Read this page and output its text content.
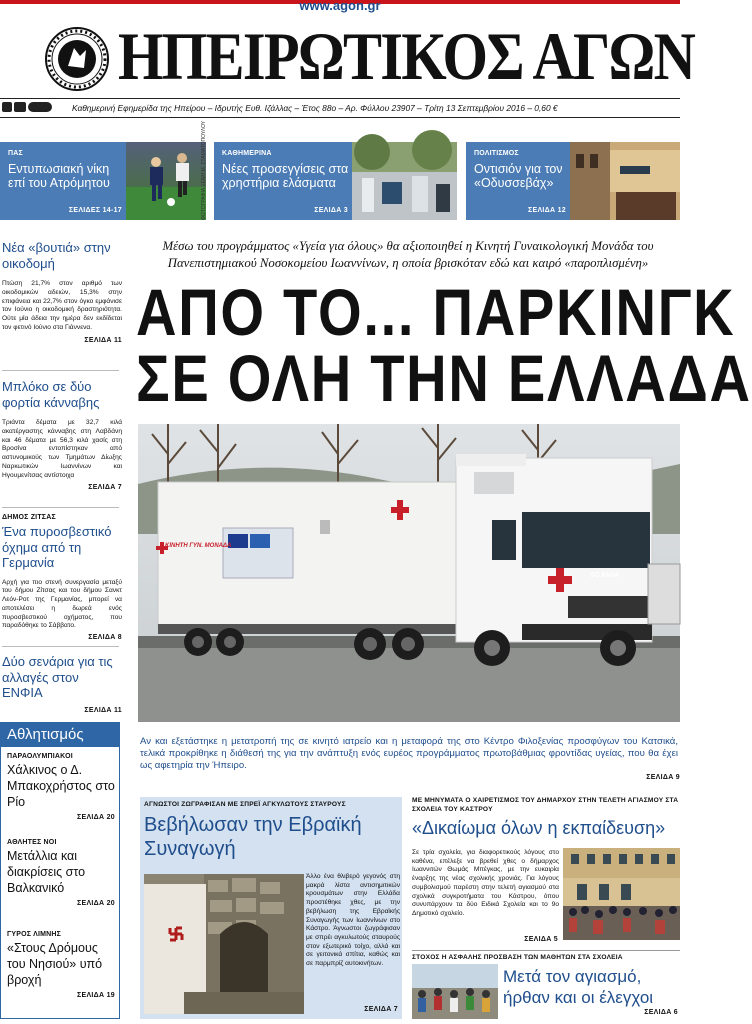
www.agon.gr
ΗΠΕΙΡΩΤΙΚΟΣ ΑΓΩΝ
Καθημερινή Εφημερίδα της Ηπείρου – Ιδρυτής Ευθ. Ιζάλλας – Έτος 88ο – Αρ. Φύλλου 23907 – Τρίτη 13 Σεπτεμβρίου 2016 – 0,60 €
ΠΑΣ
Εντυπωσιακή νίκη επί του Ατρόμητου
ΣΕΛΙΔΕΣ 14-17	ΦΩΤΟΓΡΑΦΙΑ ΞΕΝΗ Μ. ΣΤΑΜΑΤΟΠΟΥΛΟΥ ΚΑΘΗΜΕΡΙΝΑ
Νέες προσεγγίσεις στα χρηστήρια ελάσματα
ΣΕΛΙΔΑ 3
ΠΟΛΙΤΙΣΜΟΣ
Οντισιόν για τον «Οδυσσεβάχ»
ΣΕΛΙΔΑ 12
Νέα «βουτιά» στην οικοδομή
Πτώση 21,7% στον αριθμό των οικοδομικών αδειών, 15,3% στην επιφάνεια και 22,7% στον όγκο εμφάνισε τον Ιούνιο η οικοδομική δραστηριότητα. Ούτε μία άδεια την ημέρα δεν εκδίδεται τον φετινό Ιούνιο στα Γιάννενα.
ΣΕΛΙΔΑ 11
Μπλόκο σε δύο φορτία κάνναβης
Τριάντα δέματα με 32,7 κιλά ακατέργαστης κάνναβης στη Λαβδάνη και 46 δέματα με 56,3 κιλά χασίς στη Βροσίνα εντοπίστηκαν από αστυνομικούς των Τμημάτων Δίωξης Ναρκωτικών Ιωαννίνων και Ηγουμενίτσας αντίστοιχα
ΣΕΛΙΔΑ 7
ΔΗΜΟΣ ΖΙΤΣΑΣ
Ένα πυροσβεστικό όχημα από τη Γερμανία
Αρχή για πιο στενή συνεργασία μεταξύ του δήμου Ζίτσας και του δήμου Σανκτ Λεόν-Ροτ της Γερμανίας, μπορεί να αποτελέσει η δωρεά ενός πυροσβεστικού οχήματος, που παραδόθηκε το Σάββατο.
ΣΕΛΙΔΑ 8
Δύο σενάρια για τις αλλαγές στον ΕΝΦΙΑ
ΣΕΛΙΔΑ 11
Αθλητισμός
ΠΑΡΑΟΛΥΜΠΙΑΚΟΙ
Χάλκινος ο Δ. Μπακοχρήστος στο Ρίο
ΣΕΛΙΔΑ 20
ΑΘΛΗΤΕΣ ΝΟΙ
Μετάλλια και διακρίσεις στο Βαλκανικό
ΣΕΛΙΔΑ 20
ΓΥΡΟΣ ΛΙΜΝΗΣ
«Στους Δρόμους του Νησιού» υπό βροχή
ΣΕΛΙΔΑ 19
Μέσω του προγράμματος «Υγεία για όλους» θα αξιοποιηθεί η Κινητή Γυναικολογική Μονάδα του Πανεπιστημιακού Νοσοκομείου Ιωαννίνων, η οποία βρισκόταν εδώ και καιρό «παροπλισμένη»
ΑΠΟ ΤΟ... ΠΑΡΚΙΝΓΚ
ΣΕ ΟΛΗ ΤΗΝ ΕΛΛΑΔΑ
ΚΙΝΗΤΗ ΓΥΝ. ΜΟΝΑΔΑ
SCANIA
Αν και εξετάστηκε η μετατροπή της σε κινητό ιατρείο και η μεταφορά της στο Κέντρο Φιλοξενίας προσφύγων του Κατσικά, τελικά προκρίθηκε η διάθεσή της για την ανάπτυξη ενός ευρέος προγράμματος πρωτοβάθμιας φροντίδας υγείας, που θα έχει ως αφετηρία την Ήπειρο.
ΣΕΛΙΔΑ 9
ΑΓΝΩΣΤΟΙ ΖΩΓΡΑΦΙΣΑΝ ΜΕ ΣΠΡΕΪ ΑΓΚΥΛΩΤΟΥΣ ΣΤΑΥΡΟΥΣ
Βεβήλωσαν την Εβραϊκή Συναγωγή
Άλλο ένα θλιβερό γεγονός στη μακρά λίστα αντισημιτικών κρουσμάτων στην Ελλάδα προστέθηκε χθες, με την βεβήλωση της Εβραϊκής Συναγωγής των Ιωαννίνων στο Κάστρο. Άγνωστοι ζωγράφισαν με σπρέι αγκυλωτούς σταυρούς στον εξωτερικό τοίχο, αλλά και σε γειτονικά σπίτια, καθώς και σε παρμπρίζ αυτοκινήτων.
ΣΕΛΙΔΑ 7
ΜΕ ΜΗΝΥΜΑΤΑ Ο ΧΑΙΡΕΤΙΣΜΟΣ ΤΟΥ ΔΗΜΑΡΧΟΥ ΣΤΗΝ ΤΕΛΕΤΗ ΑΓΙΑΣΜΟΥ ΣΤΑ ΣΧΟΛΕΙΑ ΤΟΥ ΚΑΣΤΡΟΥ
«Δικαίωμα όλων η εκπαίδευση»
Σε τρία σχολεία, για διαφορετικούς λόγους στο καθένα, επέλεξε να βρεθεί χθες ο δήμαρχος Ιωαννιτών Θωμάς Μπέγκας, με την ευκαιρία έναρξης της νέας σχολικής χρονιάς. Για λόγους συμβολισμού παρέστη στην τελετή αγιασμού στα σχολικά συγκροτήματα του Κάστρου, όπου συνυπάρχουν τα δύο Ειδικά Σχολεία και το 9ο Δημοτικό σχολείο.
ΣΕΛΙΔΑ 5
ΣΤΟΧΟΣ Η ΑΣΦΑΛΗΣ ΠΡΟΣΒΑΣΗ ΤΩΝ ΜΑΘΗΤΩΝ ΣΤΑ ΣΧΟΛΕΙΑ
Μετά τον αγιασμό, ήρθαν και οι έλεγχοι
ΣΕΛΙΔΑ 6
